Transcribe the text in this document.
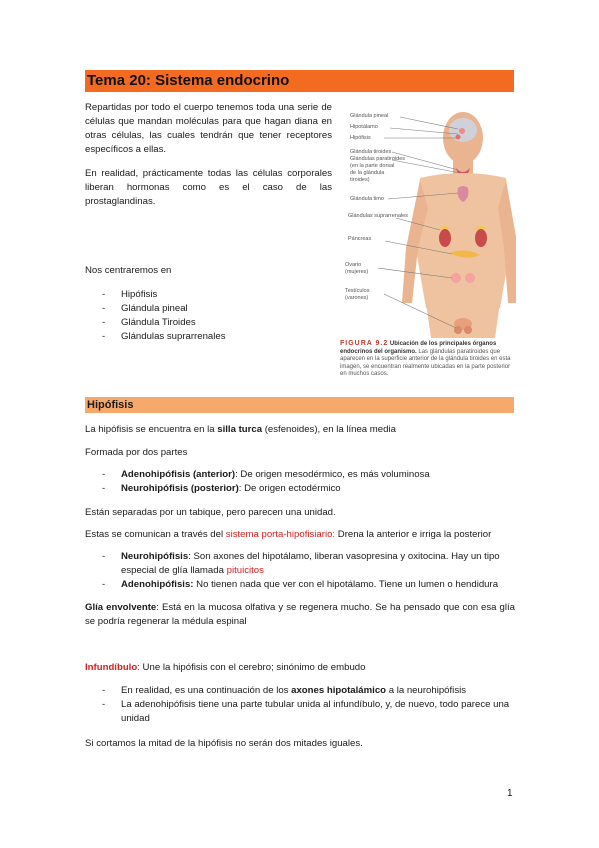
Tema 20: Sistema endocrino

Repartidas por todo el cuerpo tenemos toda una serie de células que mandan moléculas para que hagan diana en otras células, las cuales tendrán que tener receptores específicos a ellas.

En realidad, prácticamente todas las células corporales liberan hormonas como es el caso de las prostaglandinas.

Nos centraremos en

- Hipófisis
- Glándula pineal
- Glándula Tiroides
- Glándulas suprarrenales
Glándula pineal
Hipotálamo
Hipófisis
Glándula tiroides
Glándulas paratiroides
(en la parte dorsal
de la glándula
tiroides)
Glándula timo
Glándulas suprarrenales
Páncreas
Ovario
(mujeres)
Testículos
(varones)
FIGURA 9.2 Ubicación de los principales órganos endocrinos del organismo. Las glándulas paratiroides que aparecen en la superficie anterior de la glándula tiroides en esta imagen, se encuentran realmente ubicadas en la parte posterior en muchos casos.
Hipófisis

La hipófisis se encuentra en la silla turca (esfenoides), en la línea media

Formada por dos partes

- Adenohipófisis (anterior): De origen mesodérmico, es más voluminosa
- Neurohipófisis (posterior): De origen ectodérmico

Están separadas por un tabique, pero parecen una unidad.

Estas se comunican a través del sistema porta-hipofisiario: Drena la anterior e irriga la posterior

- Neurohipófisis: Son axones del hipotálamo, liberan vasopresina y oxitocina. Hay un tipo especial de glía llamada pituicitos
- Adenohipófisis: No tienen nada que ver con el hipotálamo. Tiene un lumen o hendidura

Glía envolvente: Está en la mucosa olfativa y se regenera mucho. Se ha pensado que con esa glía se podría regenerar la médula espinal

Infundíbulo: Une la hipófisis con el cerebro; sinónimo de embudo

- En realidad, es una continuación de los axones hipotalámico a la neurohipófisis
- La adenohipófisis tiene una parte tubular unida al infundíbulo, y, de nuevo, todo parece una unidad

Si cortamos la mitad de la hipófisis no serán dos mitades iguales.

1
